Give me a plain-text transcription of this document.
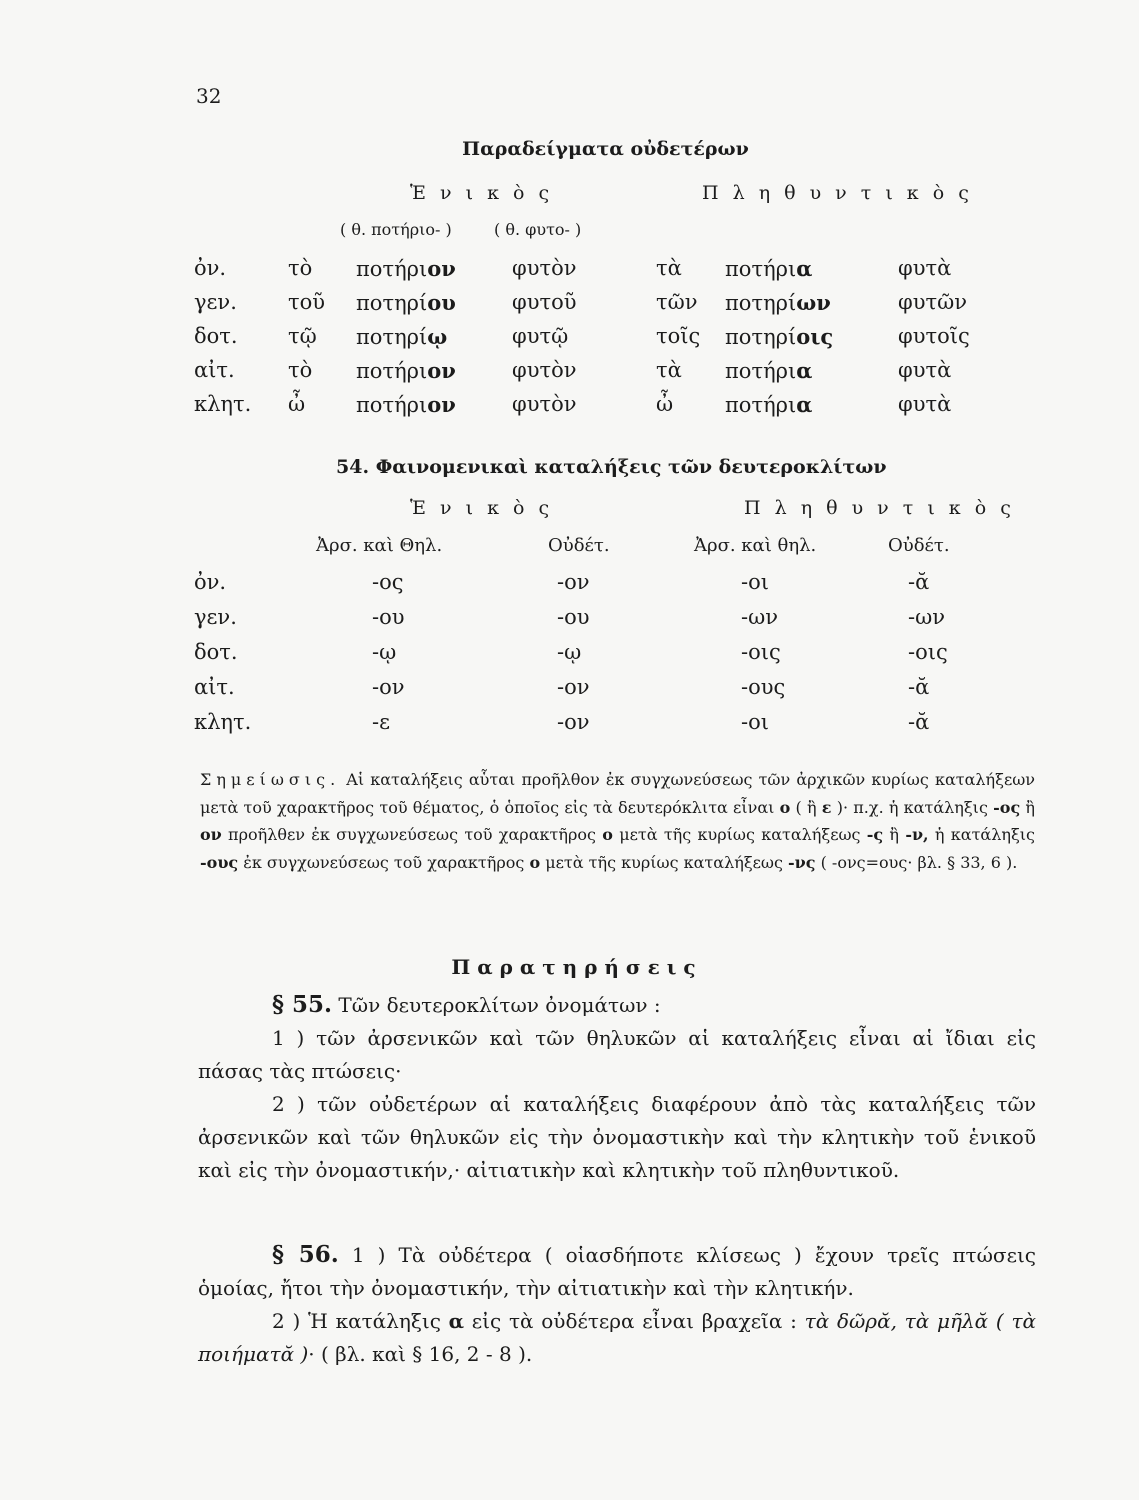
32
Παραδείγματα οὐδετέρων
Ἑ ν ι κ ὸ ς	Π λ η θ υ ν τ ι κ ὸ ς
( θ. ποτήριο- )	( θ. φυτο- )
ὀν.	τὸ ποτήριον	φυτὸν	τὰ ποτήρια	φυτὰ
γεν. τοῦ ποτηρίου	φυτοῦ	τῶν ποτηρίων	φυτῶν
δοτ. τῷ ποτηρίῳ	φυτῷ	τοῖς ποτηρίοις	φυτοῖς
αἰτ.	τὸ ποτήριον	φυτὸν	τὰ ποτήρια	φυτὰ
κλητ. ὦ ποτήριον	φυτὸν	ὦ ποτήρια	φυτὰ
54. Φαινομενικαὶ καταλήξεις τῶν δευτεροκλίτων
Ἑ ν ι κ ὸ ς	Π λ η θ υ ν τ ι κ ὸ ς
Ἀρσ. καὶ Θηλ.	Οὐδέτ.	Ἀρσ. καὶ θηλ.	Οὐδέτ.
ὀν.	-ος	-ον	-οι	-ᾰ
γεν.	-ου	-ου	-ων	-ων
δοτ.	-ῳ	-ῳ	-οις	-οις
αἰτ.	-ον	-ον	-ους	-ᾰ
κλητ.	-ε	-ον	-οι	-ᾰ
Σημείωσις. Αἱ καταλήξεις αὗται προῆλθον ἐκ συγχωνεύσεως τῶν ἀρχικῶν κυρίως καταλήξεων μετὰ τοῦ χαρακτῆρος τοῦ θέματος, ὁ ὁποῖος εἰς τὰ δευτερόκλιτα εἶναι ο ( ἢ ε )· π.χ. ἡ κατάληξις -ος ἢ ον προῆλθεν ἐκ συγχωνεύσεως τοῦ χαρακτῆρος ο μετὰ τῆς κυρίως καταλήξεως -ς ἢ -ν, ἡ κατάληξις -ους ἐκ συγχωνεύσεως τοῦ χαρακτῆρος ο μετὰ τῆς κυρίως καταλήξεως -νς ( -ονς=ους· βλ. § 33, 6 ).
Π α ρ α τ η ρ ή σ ε ι ς
§ 55. Τῶν δευτεροκλίτων ὀνομάτων :
1 ) τῶν ἀρσενικῶν καὶ τῶν θηλυκῶν αἱ καταλήξεις εἶναι αἱ ἴδιαι εἰς πάσας τὰς πτώσεις·
2 ) τῶν οὐδετέρων αἱ καταλήξεις διαφέρουν ἀπὸ τὰς καταλήξεις τῶν ἀρσενικῶν καὶ τῶν θηλυκῶν εἰς τὴν ὀνομαστικὴν καὶ τὴν κλητικὴν τοῦ ἑνικοῦ καὶ εἰς τὴν ὀνομαστικήν,· αἰτιατικὴν καὶ κλητικὴν τοῦ πληθυντικοῦ.
§ 56. 1 ) Τὰ οὐδέτερα ( οἱασδήποτε κλίσεως ) ἔχουν τρεῖς πτώσεις ὁμοίας, ἤτοι τὴν ὀνομαστικήν, τὴν αἰτιατικὴν καὶ τὴν κλητικήν.
2 ) Ἡ κατάληξις α εἰς τὰ οὐδέτερα εἶναι βραχεῖα : τὰ δῶρᾰ, τὰ μῆλᾰ ( τὰ ποιήματᾰ )· ( βλ. καὶ § 16, 2 - 8 ).
